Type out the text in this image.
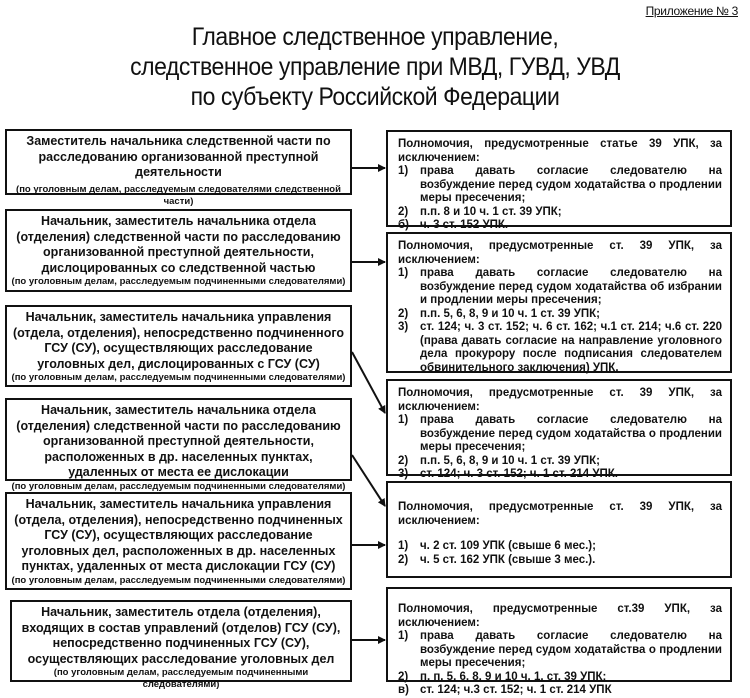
Приложение № 3
Главное следственное управление,
следственное управление при МВД, ГУВД, УВД
по субъекту Российской Федерации
Заместитель начальника следственной части по расследованию организованной преступной деятельности
(по уголовным делам, расследуемым следователями следственной части)
Начальник, заместитель начальника отдела (отделения) следственной части по расследованию организованной преступной деятельности, дислоцированных со следственной частью
(по уголовным делам, расследуемым подчиненными следователями)
Начальник, заместитель начальника управления (отдела, отделения), непосредственно подчиненного ГСУ (СУ), осуществляющих расследование уголовных дел, дислоцированных с ГСУ (СУ)
(по уголовным делам, расследуемым подчиненными следователями)
Начальник, заместитель начальника отдела (отделения) следственной части по расследованию организованной преступной деятельности, расположенных в др. населенных пунктах, удаленных от места ее дислокации
(по уголовным делам, расследуемым подчиненными следователями)
Начальник, заместитель начальника управления (отдела, отделения), непосредственно подчиненных ГСУ (СУ), осуществляющих расследование уголовных дел, расположенных в др. населенных пунктах, удаленных от места дислокации ГСУ (СУ)
(по уголовным делам, расследуемым подчиненными следователями)
Начальник, заместитель отдела (отделения), входящих в состав управлений (отделов) ГСУ (СУ), непосредственно подчиненных ГСУ (СУ), осуществляющих расследование уголовных дел
(по уголовным делам, расследуемым подчиненными следователями)
Полномочия, предусмотренные статье 39 УПК, за исключением:
1) права давать согласие следователю на возбуждение перед судом ходатайства о продлении меры пресечения;
2) п.п. 8 и 10 ч. 1 ст. 39 УПК;
б) ч. 3 ст. 152 УПК.
Полномочия, предусмотренные ст. 39 УПК, за исключением:
1) права давать согласие следователю на возбуждение перед судом ходатайства об избрании и продлении меры пресечения;
2) п.п. 5, 6, 8, 9 и 10 ч. 1 ст. 39 УПК;
3) ст. 124; ч. 3 ст. 152; ч. 6 ст. 162; ч.1 ст. 214; ч.6 ст. 220 (права давать согласие на направление уголовного дела прокурору после подписания следователем обвинительного заключения) УПК.
Полномочия, предусмотренные ст. 39 УПК, за исключением:
1) права давать согласие следователю на возбуждение перед судом ходатайства о продлении меры пресечения;
2) п.п. 5, 6, 8, 9 и 10 ч. 1 ст. 39 УПК;
3) ст. 124; ч. 3 ст. 152; ч. 1 ст. 214 УПК.
Полномочия, предусмотренные ст. 39 УПК, за исключением:
1) ч. 2 ст. 109 УПК (свыше 6 мес.);
2) ч. 5 ст. 162 УПК (свыше 3 мес.).
Полномочия, предусмотренные ст.39 УПК, за исключением:
1) права давать согласие следователю на возбуждение перед судом ходатайства о продлении меры пресечения;
2) п. п. 5, 6, 8, 9 и 10 ч. 1, ст. 39 УПК;
в) ст. 124; ч.3 ст. 152; ч. 1 ст. 214 УПК
